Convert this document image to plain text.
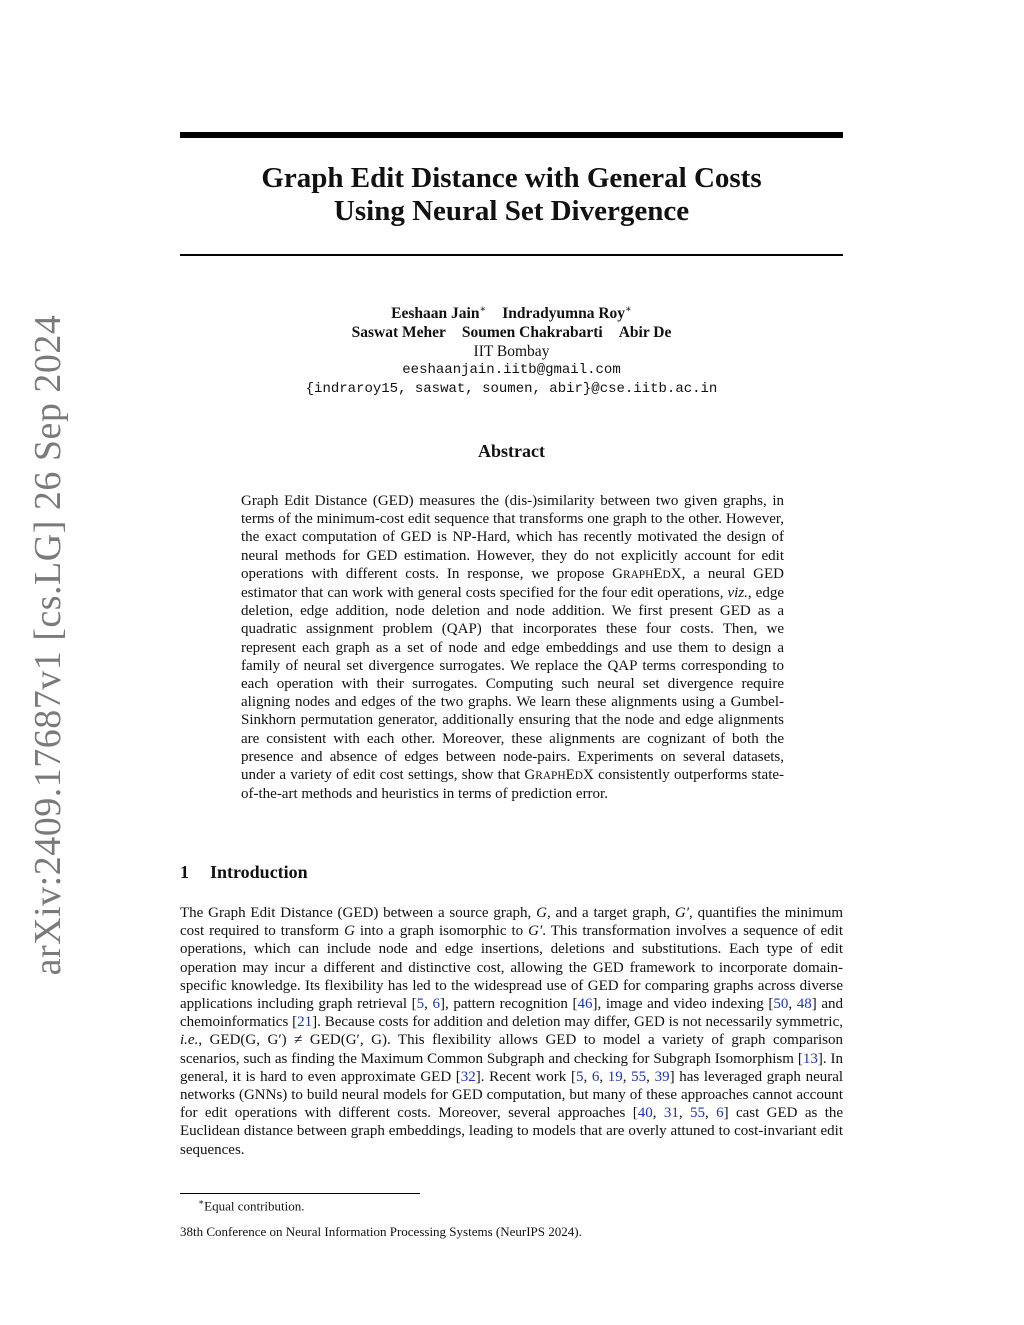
arXiv:2409.17687v1 [cs.LG] 26 Sep 2024
Graph Edit Distance with General Costs
Using Neural Set Divergence
Eeshaan Jain∗ Indradyumna Roy∗
Saswat Meher Soumen Chakrabarti Abir De
IIT Bombay
eeshaanjain.iitb@gmail.com
{indraroy15, saswat, soumen, abir}@cse.iitb.ac.in
Abstract

Graph Edit Distance (GED) measures the (dis-)similarity between two given graphs, in terms of the minimum-cost edit sequence that transforms one graph to the other. However, the exact computation of GED is NP-Hard, which has recently motivated the design of neural methods for GED estimation. However, they do not explicitly account for edit operations with different costs. In response, we propose GRAPHEDX, a neural GED estimator that can work with general costs specified for the four edit operations, viz., edge deletion, edge addition, node deletion and node addition. We first present GED as a quadratic assignment problem (QAP) that incorporates these four costs. Then, we represent each graph as a set of node and edge embeddings and use them to design a family of neural set divergence surrogates. We replace the QAP terms corresponding to each operation with their surrogates. Computing such neural set divergence require aligning nodes and edges of the two graphs. We learn these alignments using a Gumbel-Sinkhorn permutation generator, additionally ensuring that the node and edge alignments are consistent with each other. Moreover, these alignments are cognizant of both the presence and absence of edges between node-pairs. Experiments on several datasets, under a variety of edit cost settings, show that GRAPHEDX consistently outperforms state-of-the-art methods and heuristics in terms of prediction error.

1 Introduction

The Graph Edit Distance (GED) between a source graph, G, and a target graph, G′, quantifies the minimum cost required to transform G into a graph isomorphic to G′. This transformation involves a sequence of edit operations, which can include node and edge insertions, deletions and substitutions. Each type of edit operation may incur a different and distinctive cost, allowing the GED framework to incorporate domain-specific knowledge. Its flexibility has led to the widespread use of GED for comparing graphs across diverse applications including graph retrieval [5, 6], pattern recognition [46], image and video indexing [50, 48] and chemoinformatics [21]. Because costs for addition and deletion may differ, GED is not necessarily symmetric, i.e., GED(G, G′) ≠ GED(G′, G). This flexibility allows GED to model a variety of graph comparison scenarios, such as finding the Maximum Common Subgraph and checking for Subgraph Isomorphism [13]. In general, it is hard to even approximate GED [32]. Recent work [5, 6, 19, 55, 39] has leveraged graph neural networks (GNNs) to build neural models for GED computation, but many of these approaches cannot account for edit operations with different costs. Moreover, several approaches [40, 31, 55, 6] cast GED as the Euclidean distance between graph embeddings, leading to models that are overly attuned to cost-invariant edit sequences.

∗Equal contribution.
38th Conference on Neural Information Processing Systems (NeurIPS 2024).
